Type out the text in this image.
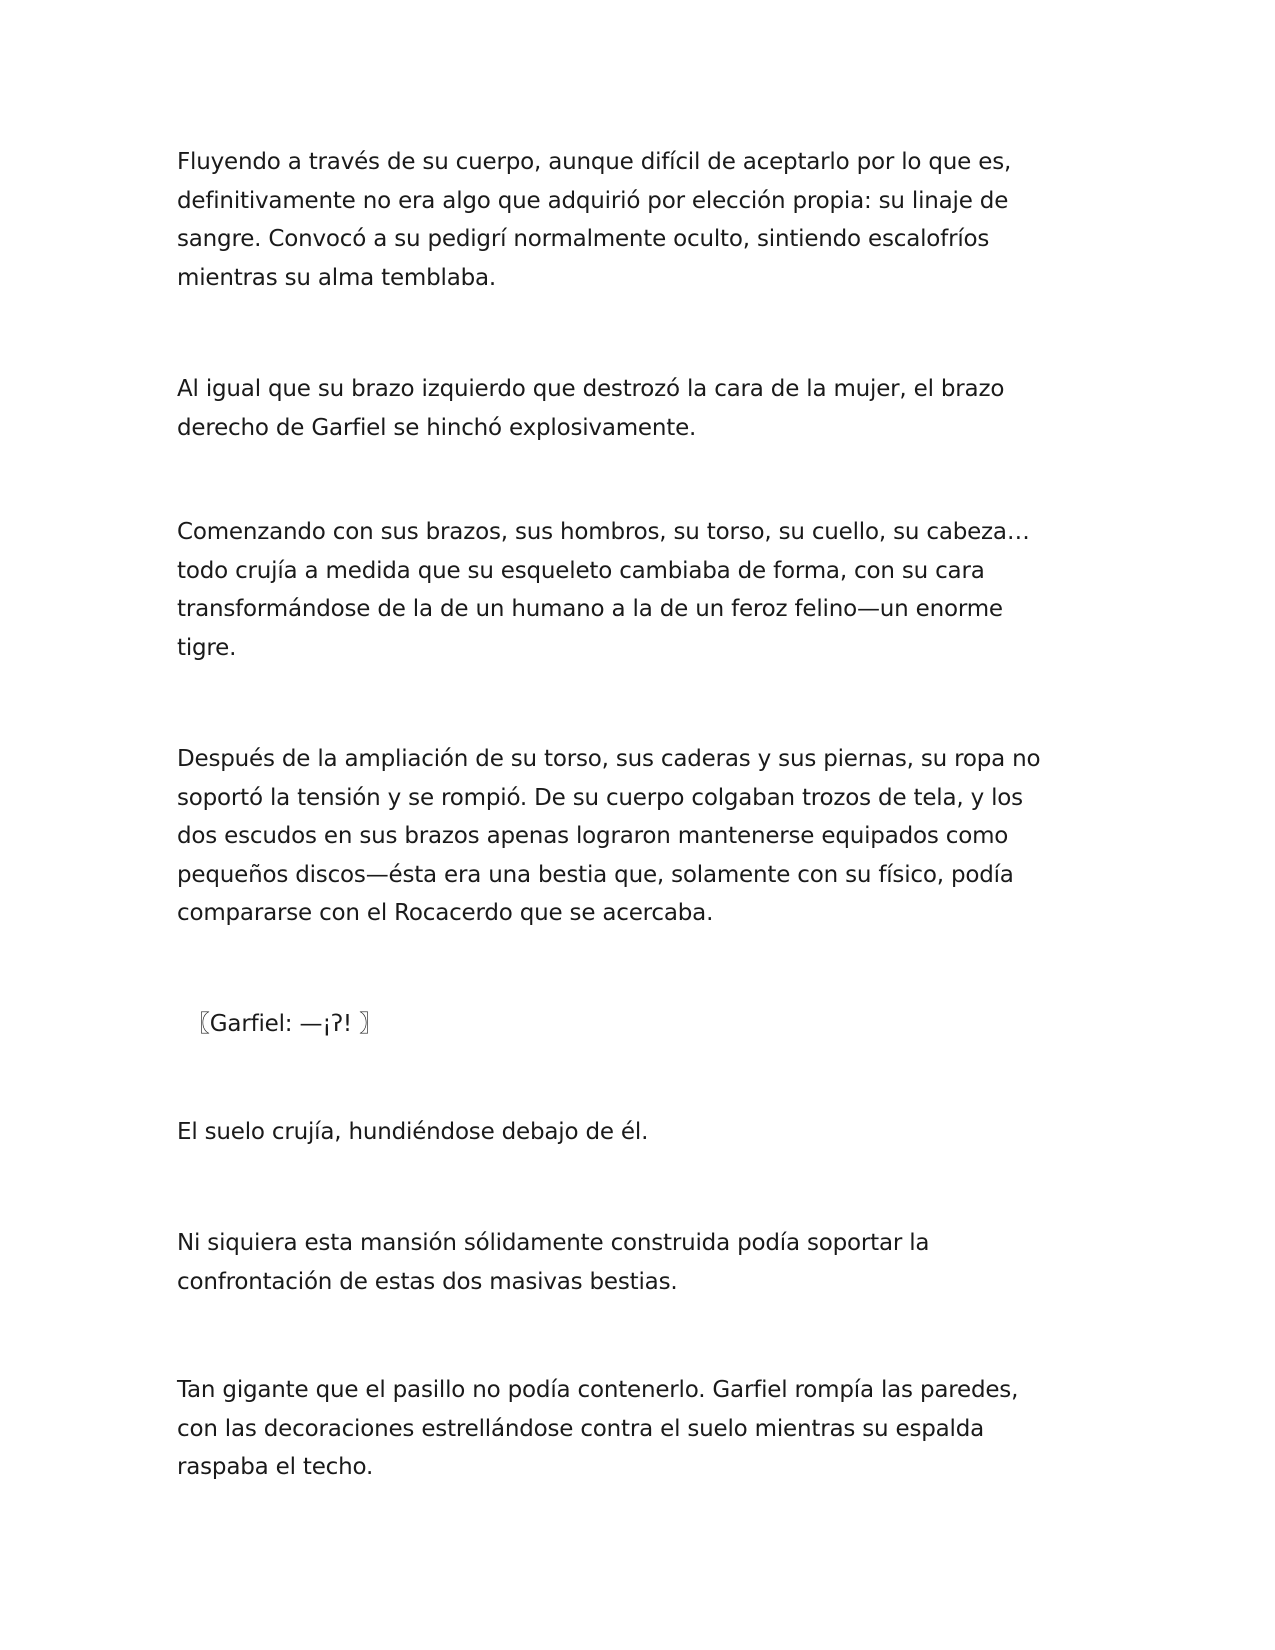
Fluyendo a través de su cuerpo, aunque difícil de aceptarlo por lo que es,
definitivamente no era algo que adquirió por elección propia: su linaje de
sangre. Convocó a su pedigrí normalmente oculto, sintiendo escalofríos
mientras su alma temblaba.

Al igual que su brazo izquierdo que destrozó la cara de la mujer, el brazo
derecho de Garfiel se hinchó explosivamente.

Comenzando con sus brazos, sus hombros, su torso, su cuello, su cabeza…
todo crujía a medida que su esqueleto cambiaba de forma, con su cara
transformándose de la de un humano a la de un feroz felino—un enorme
tigre.

Después de la ampliación de su torso, sus caderas y sus piernas, su ropa no
soportó la tensión y se rompió. De su cuerpo colgaban trozos de tela, y los
dos escudos en sus brazos apenas lograron mantenerse equipados como
pequeños discos—ésta era una bestia que, solamente con su físico, podía
compararse con el Rocacerdo que se acercaba.

〖Garfiel: —¡ʔ! 〗

El suelo crujía, hundiéndose debajo de él.

Ni siquiera esta mansión sólidamente construida podía soportar la
confrontación de estas dos masivas bestias.

Tan gigante que el pasillo no podía contenerlo. Garfiel rompía las paredes,
con las decoraciones estrellándose contra el suelo mientras su espalda
raspaba el techo.
